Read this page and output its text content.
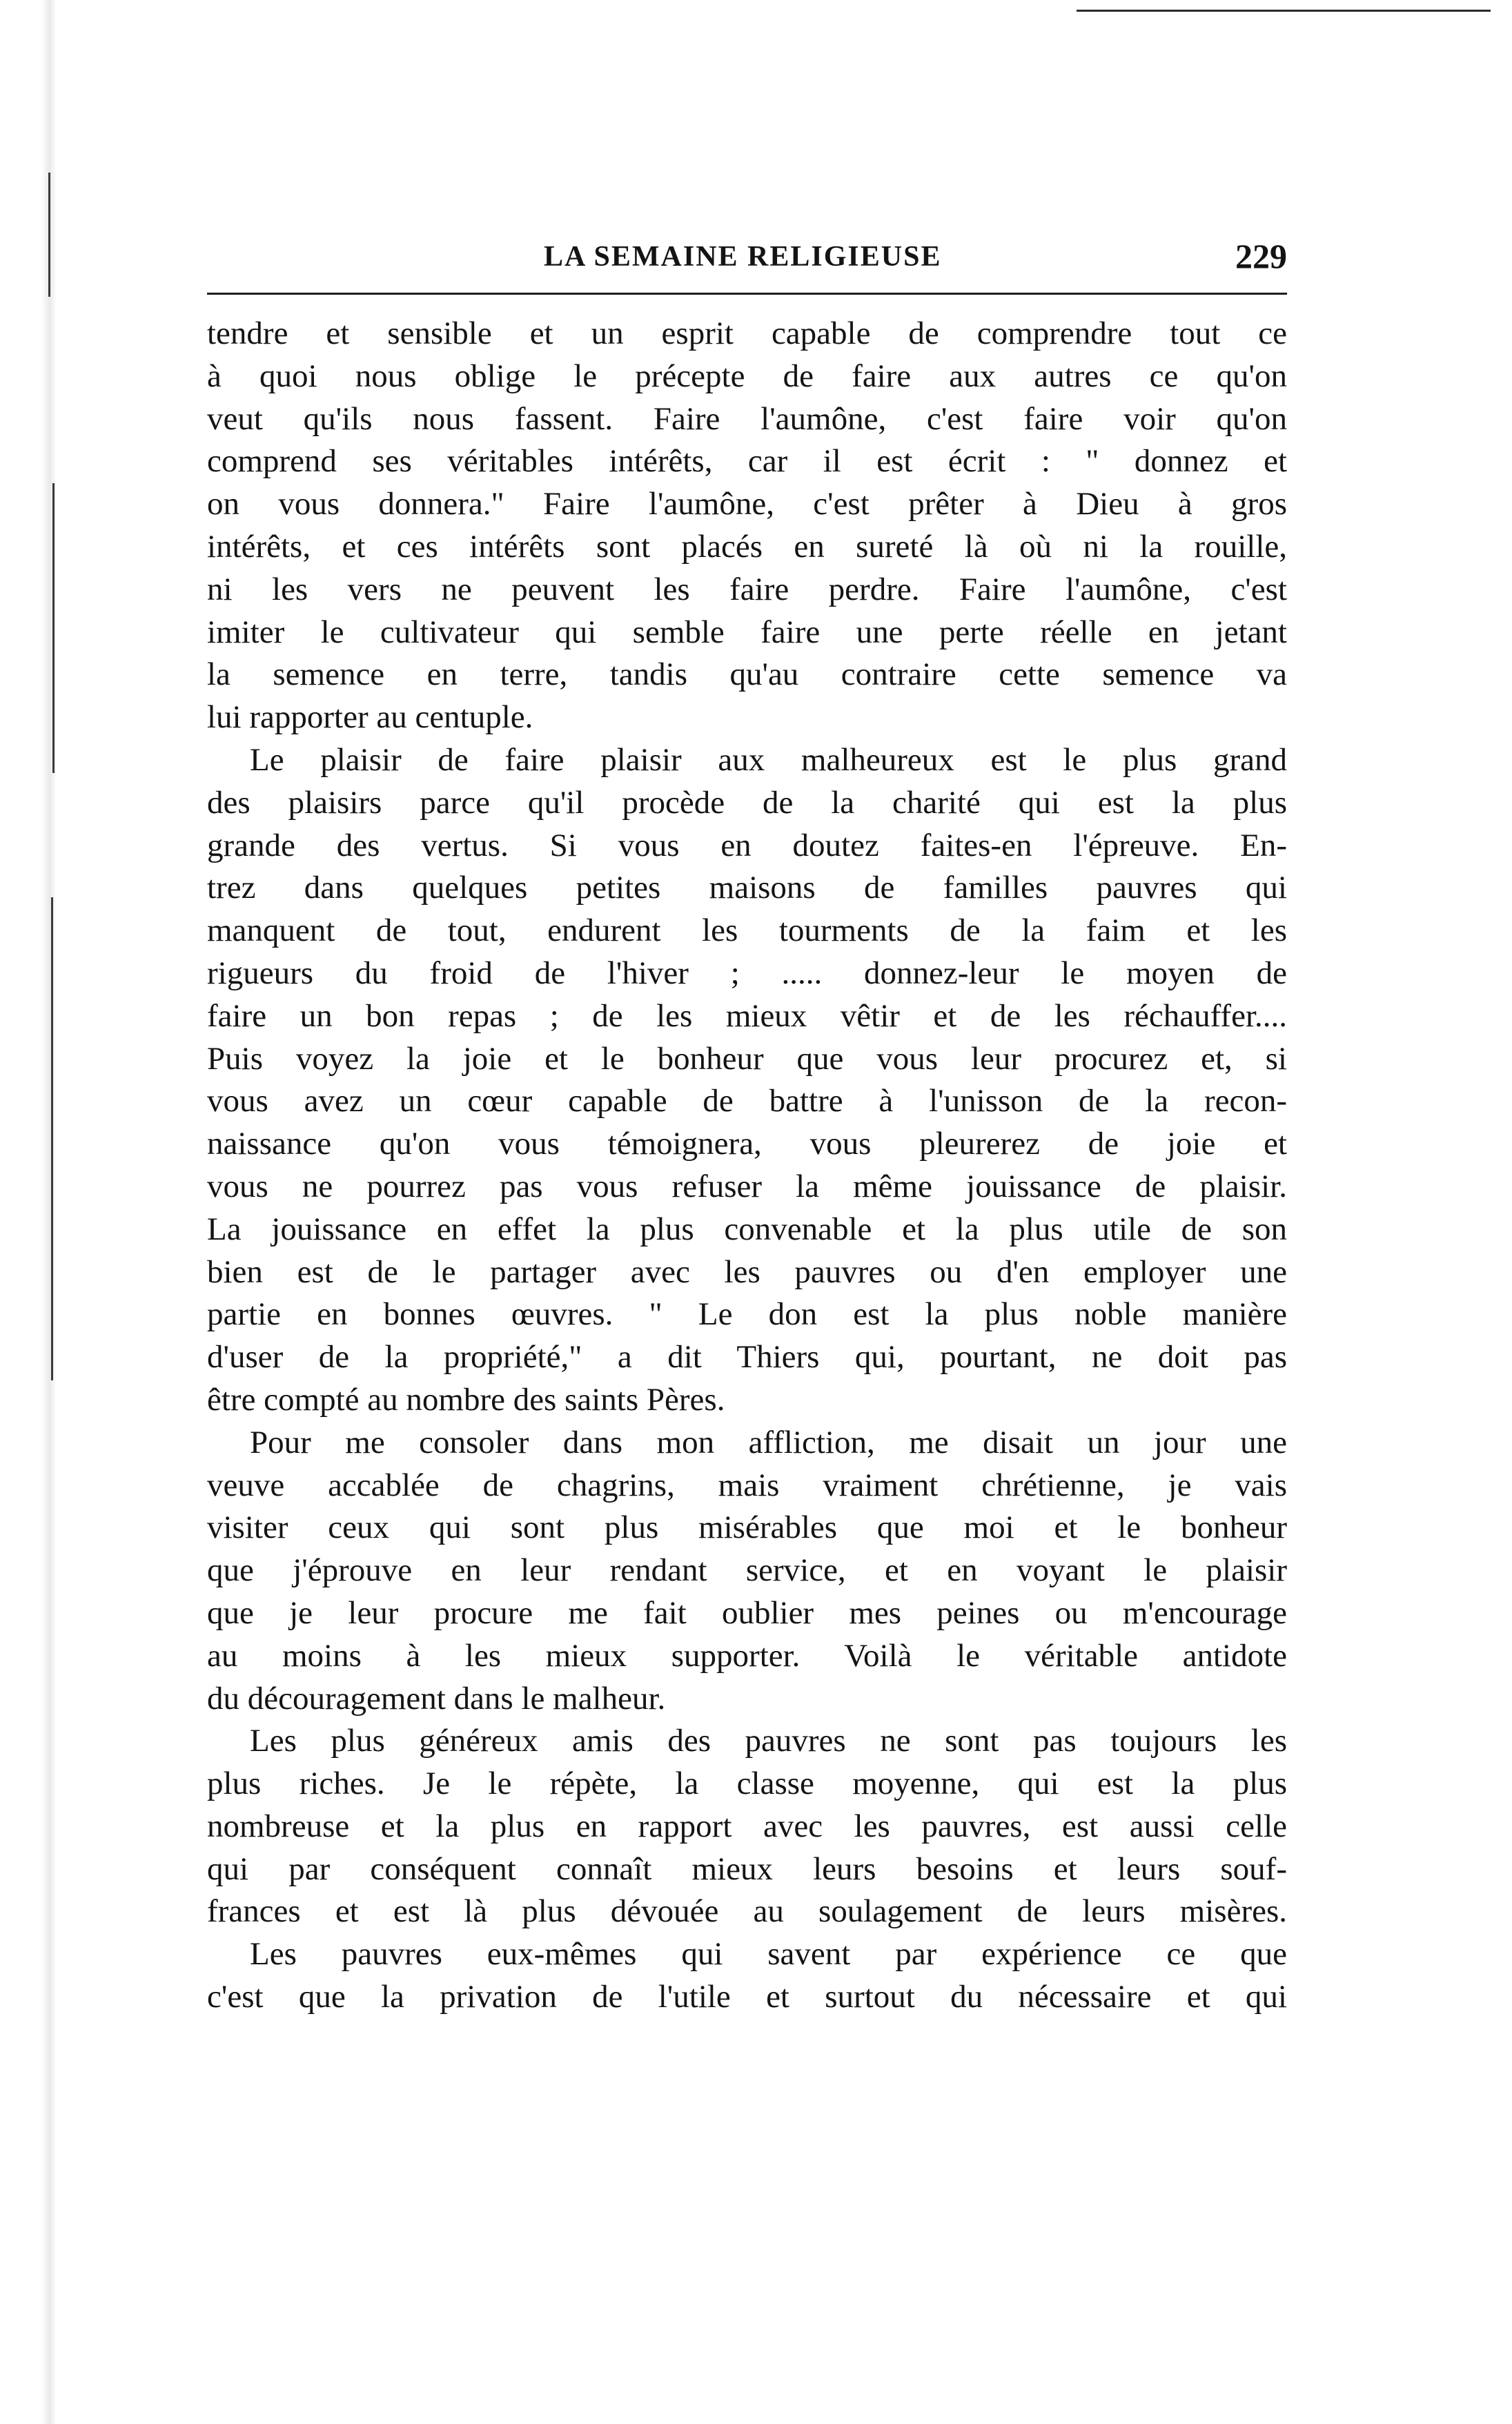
LA SEMAINE RELIGIEUSE	229
tendre et sensible et un esprit capable de comprendre tout ce
à quoi nous oblige le précepte de faire aux autres ce qu'on
veut qu'ils nous fassent. Faire l'aumône, c'est faire voir qu'on
comprend ses véritables intérêts, car il est écrit : " donnez et
on vous donnera." Faire l'aumône, c'est prêter à Dieu à gros
intérêts, et ces intérêts sont placés en sureté là où ni la rouille,
ni les vers ne peuvent les faire perdre. Faire l'aumône, c'est
imiter le cultivateur qui semble faire une perte réelle en jetant
la semence en terre, tandis qu'au contraire cette semence va
lui rapporter au centuple.
Le plaisir de faire plaisir aux malheureux est le plus grand
des plaisirs parce qu'il procède de la charité qui est la plus
grande des vertus. Si vous en doutez faites-en l'épreuve. En-
trez dans quelques petites maisons de familles pauvres qui
manquent de tout, endurent les tourments de la faim et les
rigueurs du froid de l'hiver ; ..... donnez-leur le moyen de
faire un bon repas ; de les mieux vêtir et de les réchauffer....
Puis voyez la joie et le bonheur que vous leur procurez et, si
vous avez un cœur capable de battre à l'unisson de la recon-
naissance qu'on vous témoignera, vous pleurerez de joie et
vous ne pourrez pas vous refuser la même jouissance de plaisir.
La jouissance en effet la plus convenable et la plus utile de son
bien est de le partager avec les pauvres ou d'en employer une
partie en bonnes œuvres. " Le don est la plus noble manière
d'user de la propriété," a dit Thiers qui, pourtant, ne doit pas
être compté au nombre des saints Pères.
Pour me consoler dans mon affliction, me disait un jour une
veuve accablée de chagrins, mais vraiment chrétienne, je vais
visiter ceux qui sont plus misérables que moi et le bonheur
que j'éprouve en leur rendant service, et en voyant le plaisir
que je leur procure me fait oublier mes peines ou m'encourage
au moins à les mieux supporter. Voilà le véritable antidote
du découragement dans le malheur.
Les plus généreux amis des pauvres ne sont pas toujours les
plus riches. Je le répète, la classe moyenne, qui est la plus
nombreuse et la plus en rapport avec les pauvres, est aussi celle
qui par conséquent connaît mieux leurs besoins et leurs souf-
frances et est là plus dévouée au soulagement de leurs misères.
Les pauvres eux-mêmes qui savent par expérience ce que
c'est que la privation de l'utile et surtout du nécessaire et qui
